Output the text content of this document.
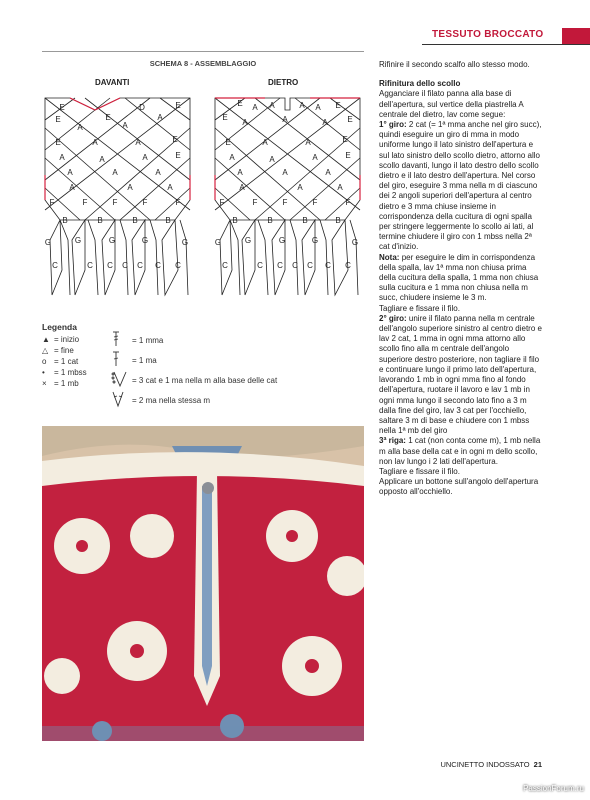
TESSUTO BROCCATO
SCHEMA 8 - ASSEMBLAGGIO
DAVANTI	DIETRO
E
E
D	E
E
A	A
A
E	A	A	E
A	A	A	E
A	A	A
A	A	A
F	F	F	F	F
B	B	B	B
G	G	G	G	G
C	C C C C C C
E A A	A A E
E
A	A	A E
E	A	A	E
A	A	A	E
A	A	A
A	A	A
F	F	F	F	F
B	B	B	B
G	G	G	G	G
C	C C C C C C
Legenda
▲ = inizio
△ = fine
o = 1 cat
•	= 1 mbss
× = 1 mb
= 1 mma
= 1 ma
= 3 cat e 1 ma nella m alla base delle cat
= 2 ma nella stessa m

Rifinire il secondo scalfo allo stesso modo.

Rifinitura dello scollo

Agganciare il filato panna alla base di dell'apertura, sul vertice della piastrella A centrale del dietro, lav come segue:

1° giro: 2 cat (= 1ª mma anche nel giro succ), quindi eseguire un giro di mma in modo uniforme lungo il lato sinistro dell'apertura e sul lato sinistro dello scollo dietro, attorno allo scollo davanti, lungo il lato destro dello scollo dietro e il lato destro dell'apertura. Nel corso del giro, eseguire 3 mma nella m di ciascuno dei 2 angoli superiori dell'apertura al centro dietro e 3 mma chiuse insieme in corrispondenza della cucitura di ogni spalla per stringere leggermente lo scollo ai lati, al termine chiudere il giro con 1 mbss nella 2ª cat d'inizio.

Nota: per eseguire le dim in corrispondenza della spalla, lav 1ª mma non chiusa prima della cucitura della spalla, 1 mma non chiusa sulla cucitura e 1 mma non chiusa nella m succ, chiudere insieme le 3 m.

Tagliare e fissare il filo.

2° giro: unire il filato panna nella m centrale dell'angolo superiore sinistro al centro dietro e lav 2 cat, 1 mma in ogni mma attorno allo scollo fino alla m centrale dell'angolo superiore destro posteriore, non tagliare il filo e continuare lungo il primo lato dell'apertura, lavorando 1 mb in ogni mma fino al fondo dell'apertura, ruotare il lavoro e lav 1 mb in ogni mma lungo il secondo lato fino a 3 m dalla fine del giro, lav 3 cat per l'occhiello, saltare 3 m di base e chiudere con 1 mbss nella 1ª mb del giro

3ª riga: 1 cat (non conta come m), 1 mb nella m alla base della cat e in ogni m dello scollo, non lav lungo i 2 lati dell'apertura.

Tagliare e fissare il filo.

Applicare un bottone sull'angolo dell'apertura opposto all'occhiello.

UNCINETTO INDOSSATO 21
PassionForum.ru
